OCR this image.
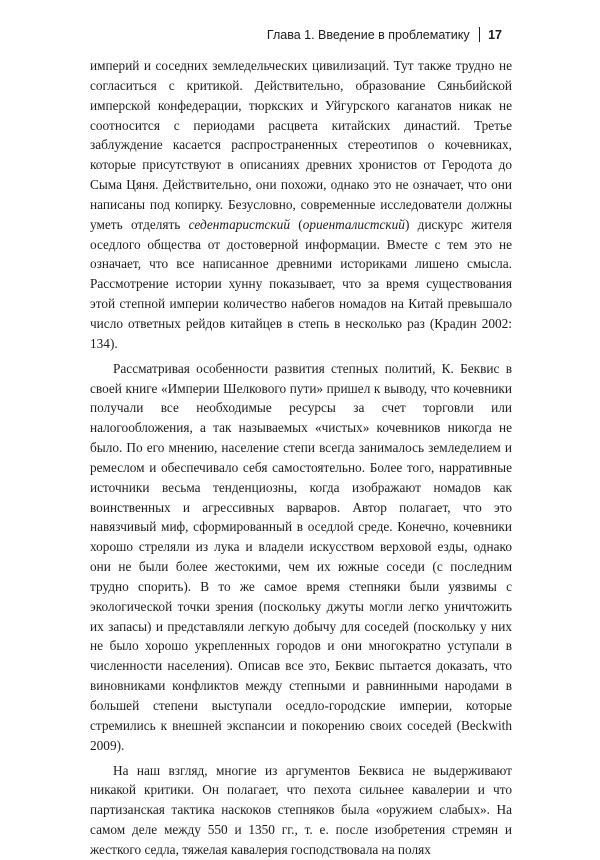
Глава 1. Введение в проблематику 17

империй и соседних земледельческих цивилизаций. Тут также трудно не согласиться с критикой. Действительно, образование Сяньбийской имперской конфедерации, тюркских и Уйгурского каганатов никак не соотносится с периодами расцвета китайских династий. Третье заблуждение касается распространенных стереотипов о кочевниках, которые присутствуют в описаниях древних хронистов от Геродота до Сыма Цяня. Действительно, они похожи, однако это не означает, что они написаны под копирку. Безусловно, современные исследователи должны уметь отделять седентаристский (ориенталистский) дискурс жителя оседлого общества от достоверной информации. Вместе с тем это не означает, что все написанное древними историками лишено смысла. Рассмотрение истории хунну показывает, что за время существования этой степной империи количество набегов номадов на Китай превышало число ответных рейдов китайцев в степь в несколько раз (Крадин 2002: 134).

Рассматривая особенности развития степных политий, К. Беквис в своей книге «Империи Шелкового пути» пришел к выводу, что кочевники получали все необходимые ресурсы за счет торговли или налогообложения, а так называемых «чистых» кочевников никогда не было. По его мнению, население степи всегда занималось земледелием и ремеслом и обеспечивало себя самостоятельно. Более того, нарративные источники весьма тенденциозны, когда изображают номадов как воинственных и агрессивных варваров. Автор полагает, что это навязчивый миф, сформированный в оседлой среде. Конечно, кочевники хорошо стреляли из лука и владели искусством верховой езды, однако они не были более жестокими, чем их южные соседи (с последним трудно спорить). В то же самое время степняки были уязвимы с экологической точки зрения (поскольку джуты могли легко уничтожить их запасы) и представляли легкую добычу для соседей (поскольку у них не было хорошо укрепленных городов и они многократно уступали в численности населения). Описав все это, Беквис пытается доказать, что виновниками конфликтов между степными и равнинными народами в большей степени выступали оседло-городские империи, которые стремились к внешней экспансии и покорению своих соседей (Beckwith 2009).

На наш взгляд, многие из аргументов Беквиса не выдерживают никакой критики. Он полагает, что пехота сильнее кавалерии и что партизанская тактика наскоков степняков была «оружием слабых». На самом деле между 550 и 1350 гг., т. е. после изобретения стремян и жесткого седла, тяжелая кавалерия господствовала на полях
